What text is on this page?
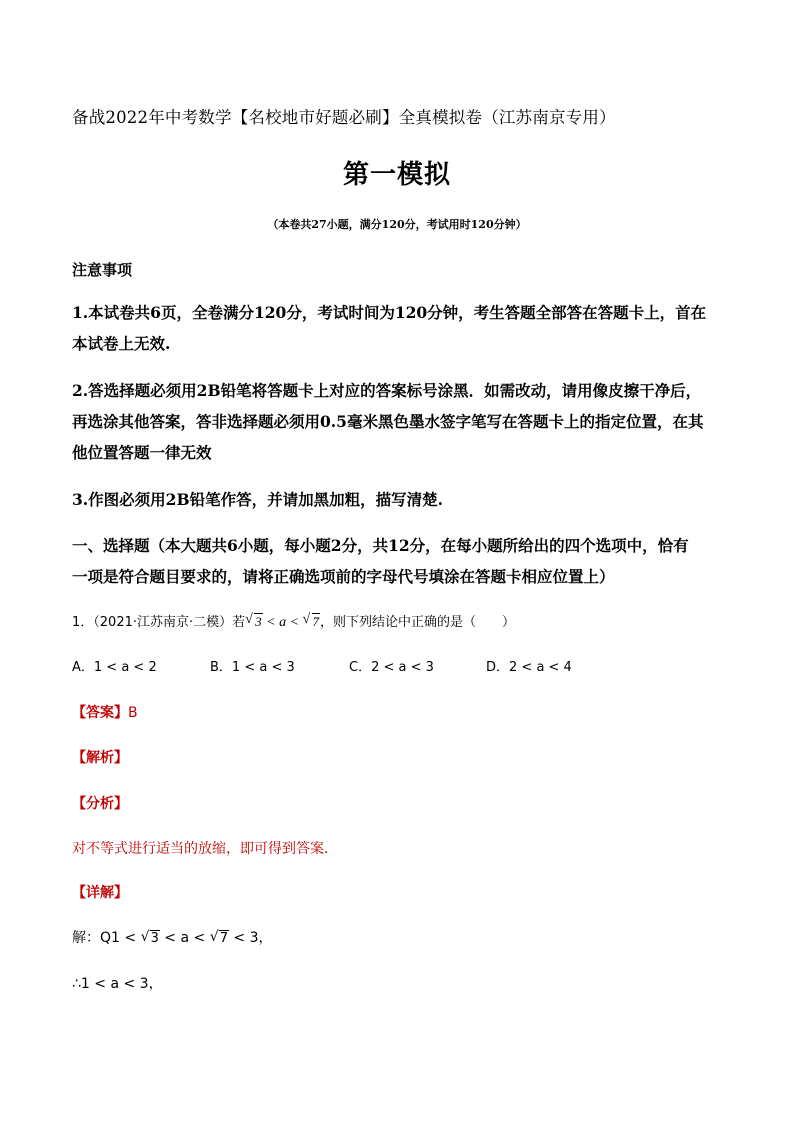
备战2022年中考数学【名校地市好题必刷】全真模拟卷（江苏南京专用）
第一模拟
（本卷共27小题，满分120分，考试用时120分钟）
注意事项
1.本试卷共6页，全卷满分120分，考试时间为120分钟，考生答题全部答在答题卡上，首在
本试卷上无效.
2.答选择题必须用2B铅笔将答题卡上对应的答案标号涂黑．如需改动，请用像皮擦干净后，
再选涂其他答案，答非选择题必须用0.5毫米黑色墨水签字笔写在答题卡上的指定位置，在其
他位置答题一律无效
3.作图必须用2B铅笔作答，并请加黑加粗，描写清楚.
一、选择题（本大题共6小题，每小题2分，共12分，在每小题所给出的四个选项中，恰有
一项是符合题目要求的，请将正确选项前的字母代号填涂在答题卡相应位置上）
1．（2021·江苏南京·二模）若 √ 3 < a < √ 7，则下列结论中正确的是（　　）
A．1 < a < 2	B．1 < a < 3	C．2 < a < 3	D．2 < a < 4
【答案】B
【解析】
【分析】
对不等式进行适当的放缩，即可得到答案．
【详解】
解：Q1 < √ 3 < a < √ 7 < 3，
∴1 < a < 3，
